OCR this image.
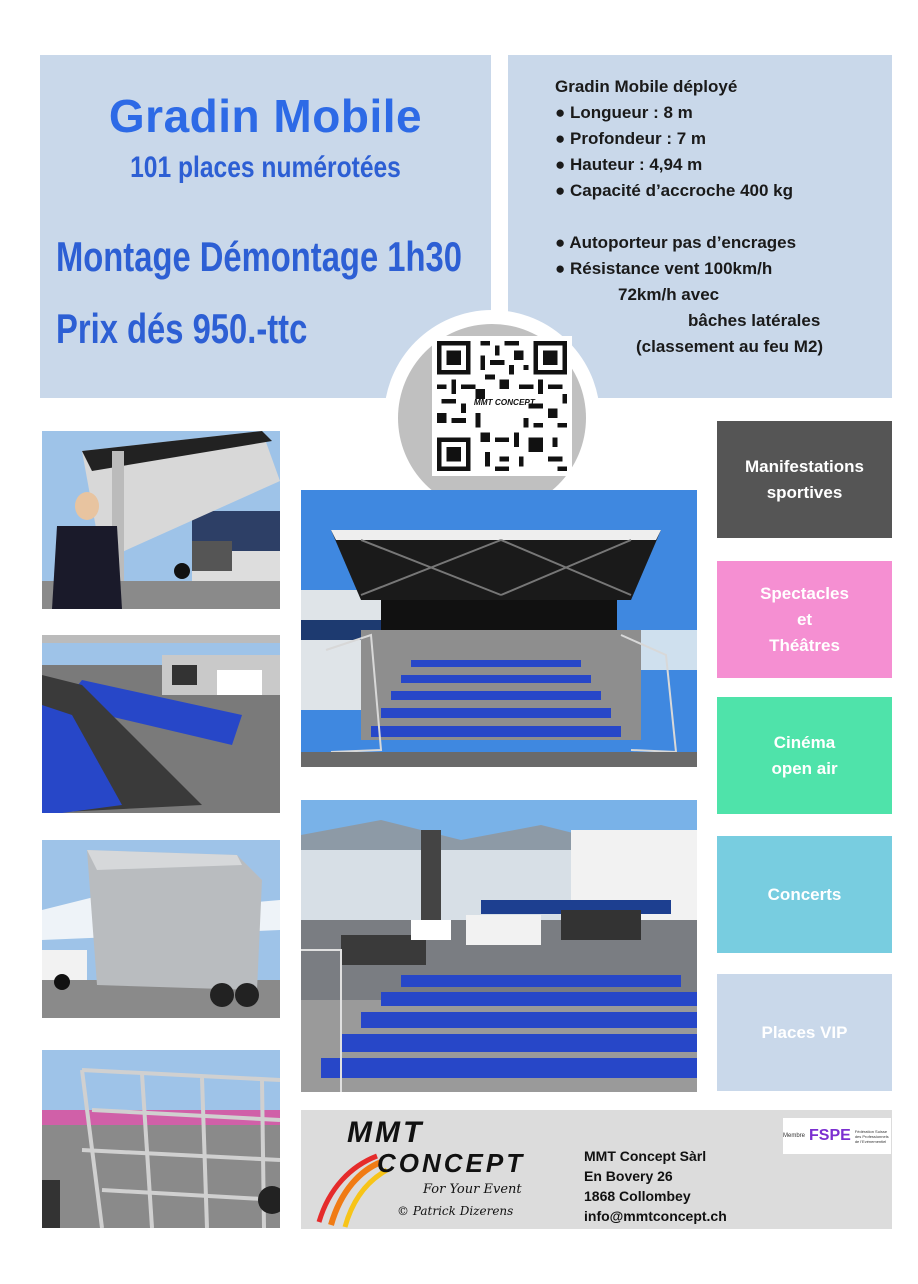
Gradin Mobile
101 places numérotées
Montage Démontage 1h30
Prix dés 950.-ttc
Gradin Mobile déployé
● Longueur : 8 m
● Profondeur : 7 m
● Hauteur : 4,94 m
● Capacité d’accroche 400 kg
● Autoporteur pas d’encrages
● Résistance vent 100km/h
72km/h avec
bâches latérales
(classement au feu M2)
MMT CONCEPT
Manifestations
sportives
Spectacles
et
Théâtres
Cinéma
open air
Concerts
Places VIP
MMT
CONCEPT
For Your Event
© Patrick Dizerens
MMT Concept Sàrl
En Bovery 26
1868 Collombey
info@mmtconcept.ch
Membre FSPE Fédération Suisse des Professionnels de l'Evénementiel
